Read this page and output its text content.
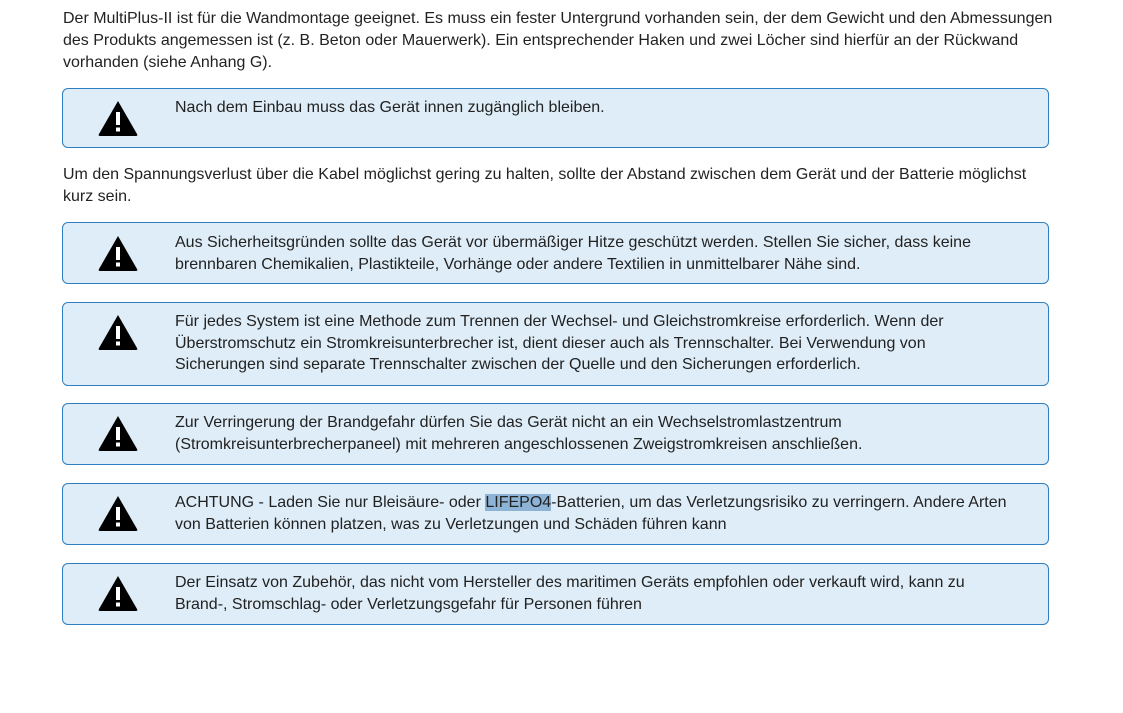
Der MultiPlus-II ist für die Wandmontage geeignet. Es muss ein fester Untergrund vorhanden sein, der dem Gewicht und den Abmessungen des Produkts angemessen ist (z. B. Beton oder Mauerwerk). Ein entsprechender Haken und zwei Löcher sind hierfür an der Rückwand vorhanden (siehe Anhang G).

Nach dem Einbau muss das Gerät innen zugänglich bleiben.

Um den Spannungsverlust über die Kabel möglichst gering zu halten, sollte der Abstand zwischen dem Gerät und der Batterie möglichst kurz sein.

Aus Sicherheitsgründen sollte das Gerät vor übermäßiger Hitze geschützt werden. Stellen Sie sicher, dass keine brennbaren Chemikalien, Plastikteile, Vorhänge oder andere Textilien in unmittelbarer Nähe sind.
Für jedes System ist eine Methode zum Trennen der Wechsel- und Gleichstromkreise erforderlich. Wenn der Überstromschutz ein Stromkreisunterbrecher ist, dient dieser auch als Trennschalter. Bei Verwendung von Sicherungen sind separate Trennschalter zwischen der Quelle und den Sicherungen erforderlich.
Zur Verringerung der Brandgefahr dürfen Sie das Gerät nicht an ein Wechselstromlastzentrum (Stromkreisunterbrecherpaneel) mit mehreren angeschlossenen Zweigstromkreisen anschließen.
ACHTUNG - Laden Sie nur Bleisäure- oder LIFEPO4-Batterien, um das Verletzungsrisiko zu verringern. Andere Arten von Batterien können platzen, was zu Verletzungen und Schäden führen kann
Der Einsatz von Zubehör, das nicht vom Hersteller des maritimen Geräts empfohlen oder verkauft wird, kann zu Brand-, Stromschlag- oder Verletzungsgefahr für Personen führen
